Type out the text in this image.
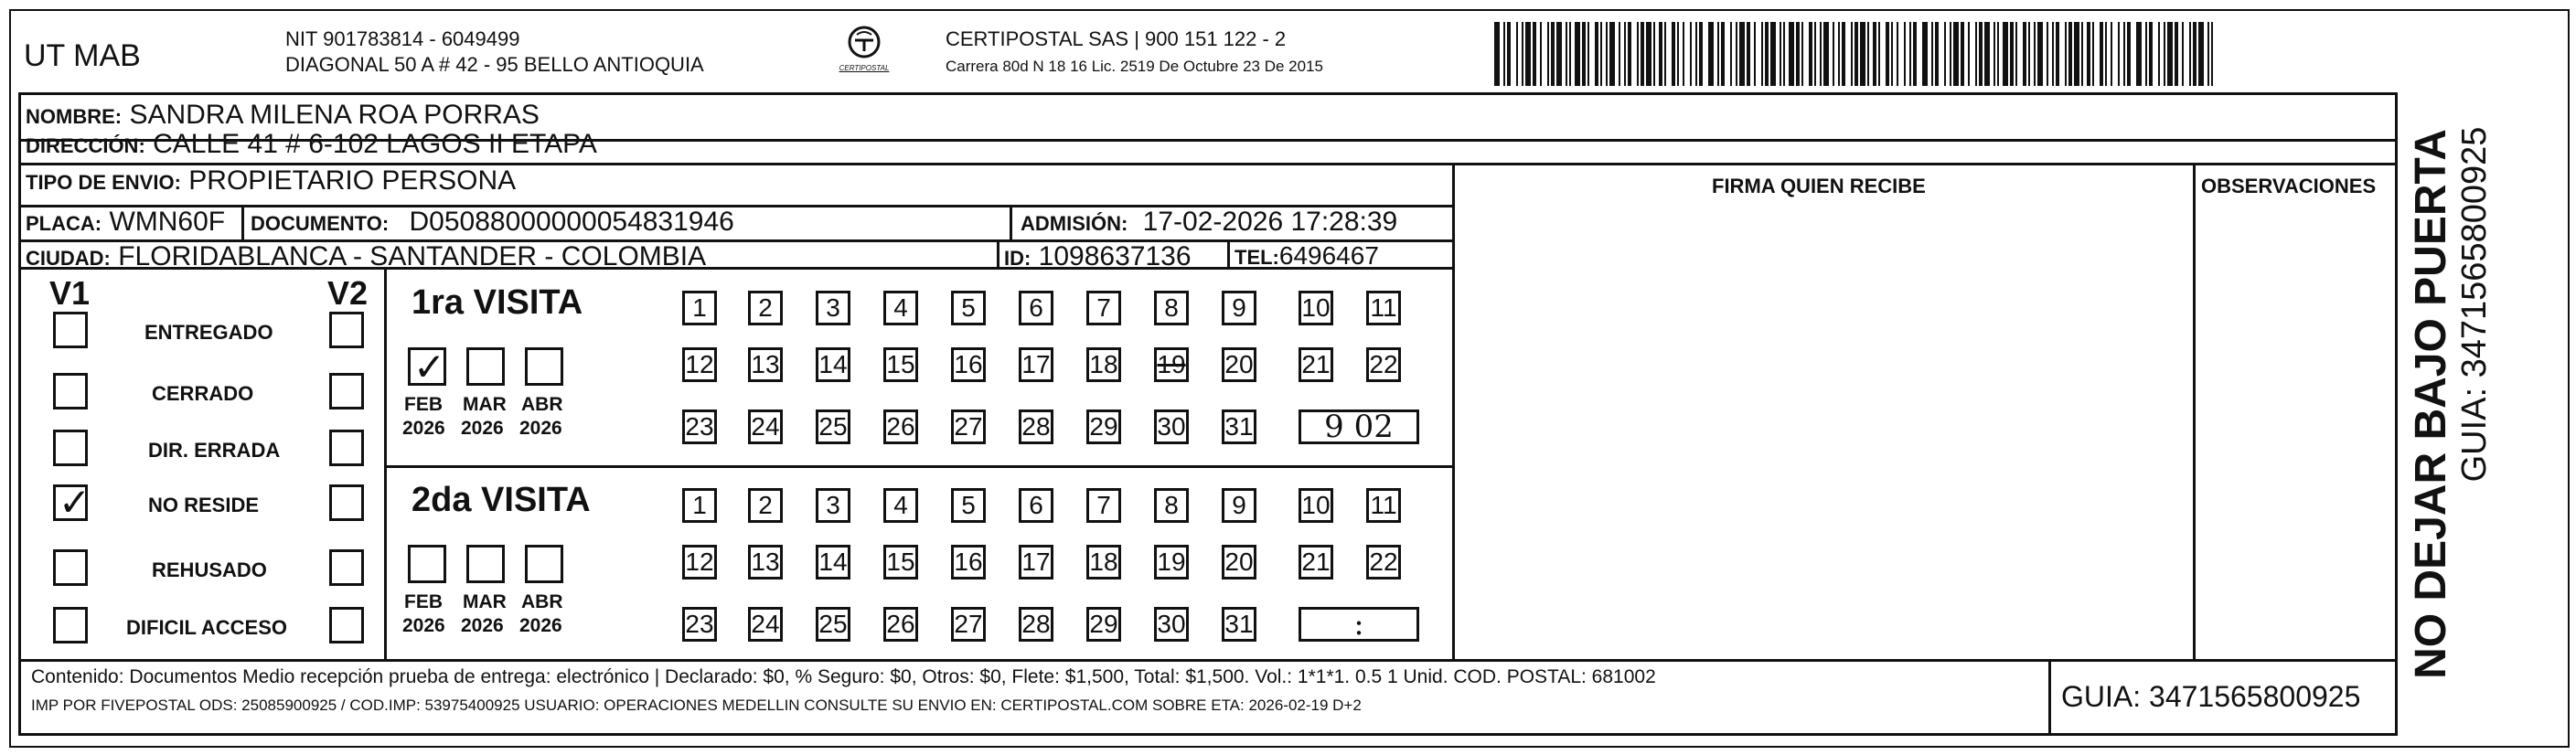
UT MAB	NIT 901783814 - 6049499
DIAGONAL 50 A # 42 - 95 BELLO ANTIOQUIA	CERTIPOSTAL
CERTIPOSTAL SAS | 900 151 122 - 2
Carrera 80d N 18 16 Lic. 2519 De Octubre 23 De 2015
NOMBRE: SANDRA MILENA ROA PORRAS
DIRECCIÓN: CALLE 41 # 6-102 LAGOS II ETAPA
TIPO DE ENVIO: PROPIETARIO PERSONA	FIRMA QUIEN RECIBE	OBSERVACIONES
PLACA: WMN60F DOCUMENTO: D05088000000054831946	ADMISIÓN: 17-02-2026 17:28:39
CIUDAD: FLORIDABLANCA - SANTANDER - COLOMBIA	ID: 1098637136 TEL:6496467
V1	V2
ENTREGADO
CERRADO
DIR. ERRADA
✓	NO RESIDE
REHUSADO
DIFICIL ACCESO
1ra VISITA
✓
FEB
2026
MAR
2026
ABR
2026
1	2	3	4	5	6	7	8	9	10 11
12 13 14 15 16 17 18 19 20 21 22
23 24 25 26 27 28 29 30 31	9 02
2da VISITA
FEB
2026
MAR
2026
ABR
2026
1	2	3	4	5	6	7	8	9	10 11
12 13 14 15 16 17 18 19 20 21 22
23 24 25 26 27 28 29 30 31	:
Contenido: Documentos Medio recepción prueba de entrega: electrónico | Declarado: $0, % Seguro: $0, Otros: $0, Flete: $1,500, Total: $1,500. Vol.: 1*1*1. 0.5 1 Unid. COD. POSTAL: 681002
IMP POR FIVEPOSTAL ODS: 25085900925 / COD.IMP: 53975400925 USUARIO: OPERACIONES MEDELLIN CONSULTE SU ENVIO EN: CERTIPOSTAL.COM SOBRE ETA: 2026-02-19 D+2	GUIA: 3471565800925
NO DEJAR BAJO PUERTA GUIA: 3471565800925
